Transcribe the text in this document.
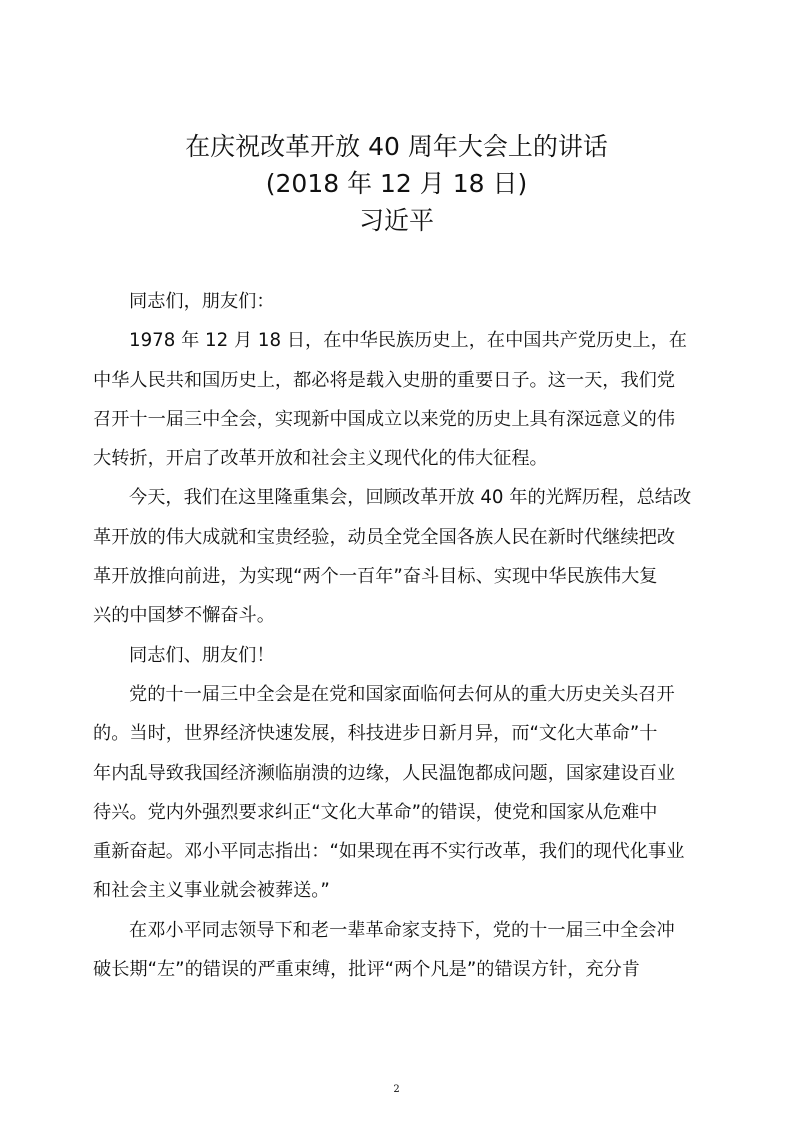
在庆祝改革开放 40 周年大会上的讲话
(2018 年 12 月 18 日)
习近平
同志们，朋友们：
1978 年 12 月 18 日，在中华民族历史上，在中国共产党历史上，在
中华人民共和国历史上，都必将是载入史册的重要日子。这一天，我们党
召开十一届三中全会，实现新中国成立以来党的历史上具有深远意义的伟
大转折，开启了改革开放和社会主义现代化的伟大征程。
今天，我们在这里隆重集会，回顾改革开放 40 年的光辉历程，总结改
革开放的伟大成就和宝贵经验，动员全党全国各族人民在新时代继续把改
革开放推向前进，为实现“两个一百年”奋斗目标、实现中华民族伟大复
兴的中国梦不懈奋斗。
同志们、朋友们！
党的十一届三中全会是在党和国家面临何去何从的重大历史关头召开
的。当时，世界经济快速发展，科技进步日新月异，而“文化大革命”十
年内乱导致我国经济濒临崩溃的边缘，人民温饱都成问题，国家建设百业
待兴。党内外强烈要求纠正“文化大革命”的错误，使党和国家从危难中
重新奋起。邓小平同志指出：“如果现在再不实行改革，我们的现代化事业
和社会主义事业就会被葬送。”
在邓小平同志领导下和老一辈革命家支持下，党的十一届三中全会冲
破长期“左”的错误的严重束缚，批评“两个凡是”的错误方针，充分肯
2
